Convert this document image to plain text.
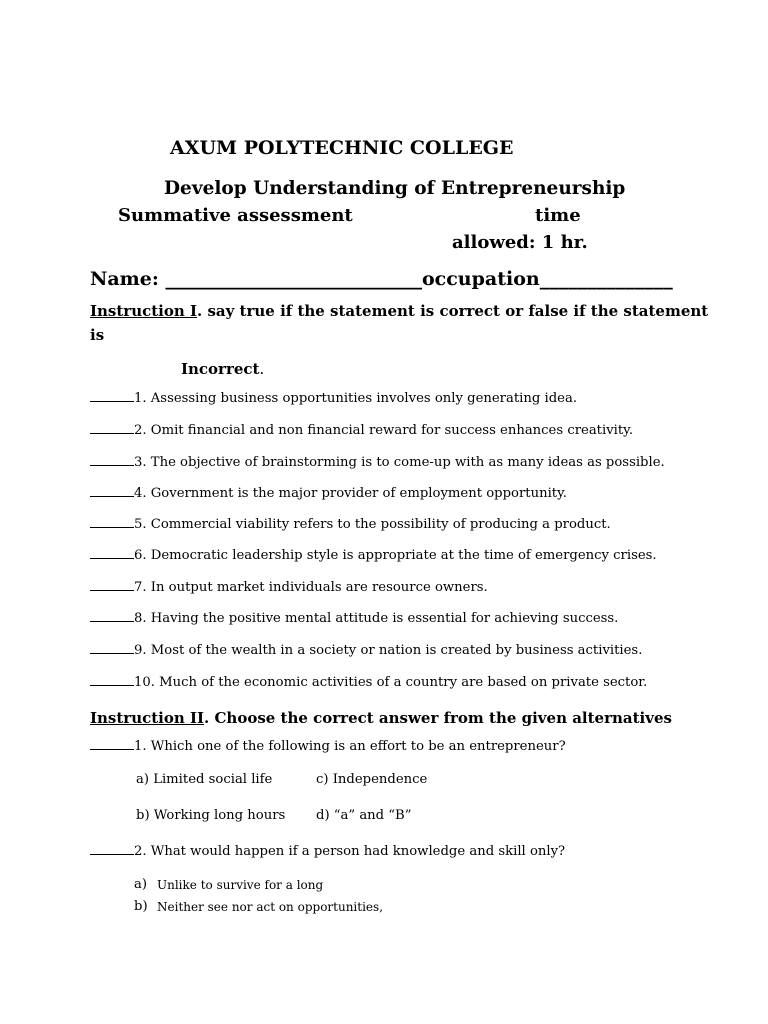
AXUM POLYTECHNIC COLLEGE
Develop Understanding of Entrepreneurship
Summative assessment	time
allowed: 1 hr.
Name: ___________________________occupation______________
Instruction I. say true if the statement is correct or false if the statement
is
Incorrect.
1. Assessing business opportunities involves only generating idea.
2. Omit financial and non financial reward for success enhances creativity.
3. The objective of brainstorming is to come-up with as many ideas as possible.
4. Government is the major provider of employment opportunity.
5. Commercial viability refers to the possibility of producing a product.
6. Democratic leadership style is appropriate at the time of emergency crises.
7. In output market individuals are resource owners.
8. Having the positive mental attitude is essential for achieving success.
9. Most of the wealth in a society or nation is created by business activities.
10. Much of the economic activities of a country are based on private sector.
Instruction II. Choose the correct answer from the given alternatives
1. Which one of the following is an effort to be an entrepreneur?
a) Limited social life	c) Independence
b) Working long hours d) “a” and “B”
2. What would happen if a person had knowledge and skill only?
a) Unlike to survive for a long
b) Neither see nor act on opportunities,
